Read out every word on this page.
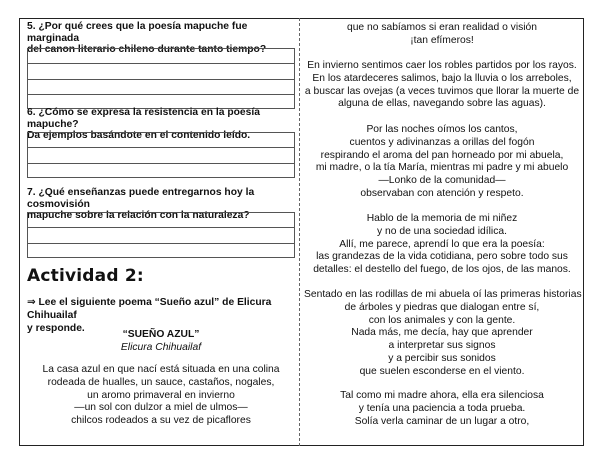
5. ¿Por qué crees que la poesía mapuche fue marginada
del canon literario chileno durante tanto tiempo?
6. ¿Cómo se expresa la resistencia en la poesía mapuche?
Da ejemplos basándote en el contenido leído.
7. ¿Qué enseñanzas puede entregarnos hoy la cosmovisión
mapuche sobre la relación con la naturaleza?
Actividad 2:
⇒ Lee el siguiente poema “Sueño azul” de Elicura Chihuailaf
y responde.
“SUEÑO AZUL”
Elicura Chihuailaf
La casa azul en que nací está situada en una colina
rodeada de hualles, un sauce, castaños, nogales,
un aromo primaveral en invierno
—un sol con dulzor a miel de ulmos—
chilcos rodeados a su vez de picaflores
que no sabíamos si eran realidad o visión
¡tan efímeros!
En invierno sentimos caer los robles partidos por los rayos.
En los atardeceres salimos, bajo la lluvia o los arreboles,
a buscar las ovejas (a veces tuvimos que llorar la muerte de
alguna de ellas, navegando sobre las aguas).
Por las noches oímos los cantos,
cuentos y adivinanzas a orillas del fogón
respirando el aroma del pan horneado por mi abuela,
mi madre, o la tía María, mientras mi padre y mi abuelo
—Lonko de la comunidad—
observaban con atención y respeto.
Hablo de la memoria de mi niñez
y no de una sociedad idílica.
Allí, me parece, aprendí lo que era la poesía:
las grandezas de la vida cotidiana, pero sobre todo sus
detalles: el destello del fuego, de los ojos, de las manos.
Sentado en las rodillas de mi abuela oí las primeras historias
de árboles y piedras que dialogan entre sí,
con los animales y con la gente.
Nada más, me decía, hay que aprender
a interpretar sus signos
y a percibir sus sonidos
que suelen esconderse en el viento.
Tal como mi madre ahora, ella era silenciosa
y tenía una paciencia a toda prueba.
Solía verla caminar de un lugar a otro,
